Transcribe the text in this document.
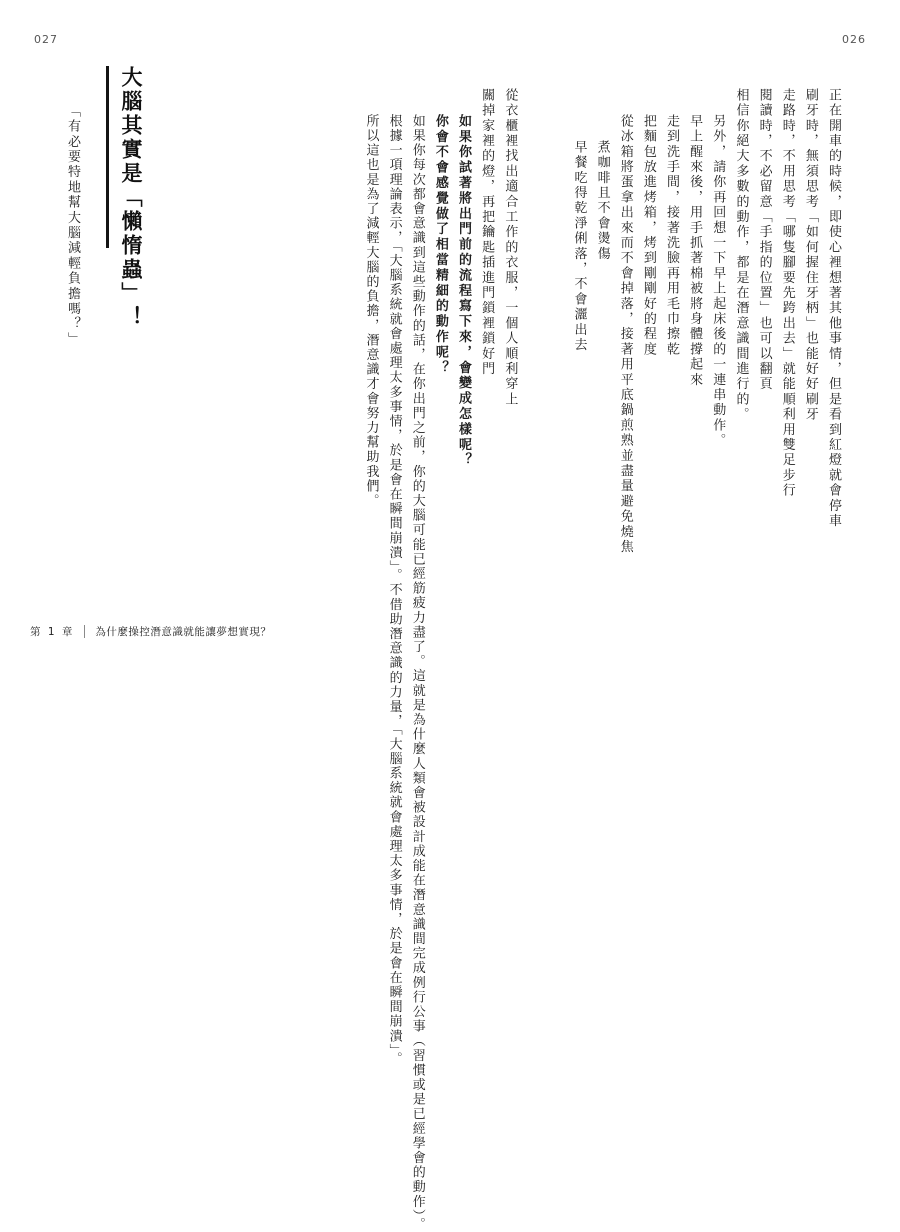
027	026
正在開車的時候，即使心裡想著其他事情，但是看到紅燈就會停車
刷牙時，無須思考「如何握住牙柄」也能好好刷牙
走路時，不用思考「哪隻腳要先跨出去」就能順利用雙足步行
閱讀時，不必留意「手指的位置」也可以翻頁
相信你絕大多數的動作，都是在潛意識間進行的。
另外，請你再回想一下早上起床後的一連串動作。
早上醒來後，用手抓著棉被將身體撐起來
走到洗手間，接著洗臉再用毛巾擦乾
把麵包放進烤箱，烤到剛剛好的程度
從冰箱將蛋拿出來而不會掉落，接著用平底鍋煎熟並盡量避免燒焦
煮咖啡且不會燙傷
早餐吃得乾淨俐落，不會灑出去
從衣櫃裡找出適合工作的衣服，一個人順利穿上
關掉家裡的燈，再把鑰匙插進門鎖裡鎖好門
如果你試著將出門前的流程寫下來，會變成怎樣呢？
你會不會感覺做了相當精細的動作呢？
如果你每次都會意識到這些動作的話，在你出門之前，你的大腦可能已經筋疲力盡了。這就是為什麼人類會被設計成能在潛意識間完成例行公事（習慣或是已經學會的動作）。
根據一項理論表示，「大腦系統就會處理太多事情，於是會在瞬間崩潰」。不借助潛意識的力量，「大腦系統就會處理太多事情，於是會在瞬間崩潰」。
所以這也是為了減輕大腦的負擔，潛意識才會努力幫助我們。
大腦其實是「懶惰蟲」！
「有必要特地幫大腦減輕負擔嗎？」
第 1 章 為什麼操控潛意識就能讓夢想實現？
